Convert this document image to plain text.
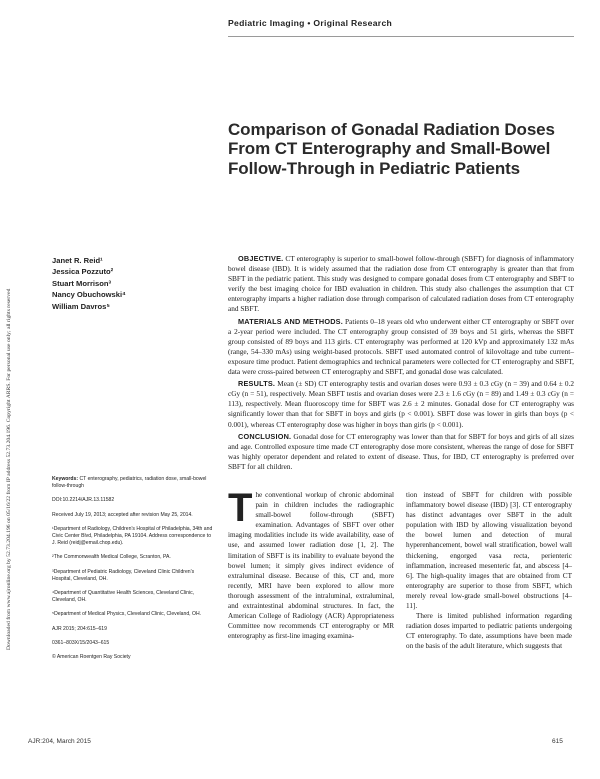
Pediatric Imaging • Original Research
Downloaded from www.ajronline.org by 52.73.204.196 on 05/16/22 from IP address 52.73.204.196. Copyright ARRS. For personal use only; all rights reserved
Comparison of Gonadal Radiation Doses From CT Enterography and Small-Bowel Follow-Through in Pediatric Patients
Janet R. Reid¹
Jessica Pozzuto²
Stuart Morrison³
Nancy Obuchowski⁴
William Davros⁵

OBJECTIVE. CT enterography is superior to small-bowel follow-through (SBFT) for diagnosis of inflammatory bowel disease (IBD). It is widely assumed that the radiation dose from CT enterography is greater than that from SBFT in the pediatric patient. This study was designed to compare gonadal doses from CT enterography and SBFT to verify the best imaging choice for IBD evaluation in children. This study also challenges the assumption that CT enterography imparts a higher radiation dose through comparison of calculated radiation doses from CT enterography and SBFT.

MATERIALS AND METHODS. Patients 0–18 years old who underwent either CT enterography or SBFT over a 2-year period were included. The CT enterography group consisted of 39 boys and 51 girls, whereas the SBFT group consisted of 89 boys and 113 girls. CT enterography was performed at 120 kVp and approximately 132 mAs (range, 54–330 mAs) using weight-based protocols. SBFT used automated control of kilovoltage and tube current–exposure time product. Patient demographics and technical parameters were collected for CT enterography and SBFT, data were cross-paired between CT enterography and SBFT, and gonadal dose was calculated.

RESULTS. Mean (± SD) CT enterography testis and ovarian doses were 0.93 ± 0.3 cGy (n = 39) and 0.64 ± 0.2 cGy (n = 51), respectively. Mean SBFT testis and ovarian doses were 2.3 ± 1.6 cGy (n = 89) and 1.49 ± 0.3 cGy (n = 113), respectively. Mean fluoroscopy time for SBFT was 2.6 ± 2 minutes. Gonadal dose for CT enterography was significantly lower than that for SBFT in boys and girls (p < 0.001). SBFT dose was lower in girls than boys (p < 0.001), whereas CT enterography dose was higher in boys than girls (p < 0.001).

CONCLUSION. Gonadal dose for CT enterography was lower than that for SBFT for boys and girls of all sizes and age. Controlled exposure time made CT enterography dose more consistent, whereas the range of dose for SBFT was highly operator dependent and related to extent of disease. Thus, for IBD, CT enterography is preferred over SBFT for all children.

Keywords: CT enterography, pediatrics, radiation dose, small-bowel follow-through

DOI:10.2214/AJR.13.11582

Received July 19, 2013; accepted after revision May 25, 2014.

¹Department of Radiology, Children's Hospital of Philadelphia, 34th and Civic Center Blvd, Philadelphia, PA 19104. Address correspondence to J. Reid (reidj@email.chop.edu).

²The Commonwealth Medical College, Scranton, PA.

³Department of Pediatric Radiology, Cleveland Clinic Children's Hospital, Cleveland, OH.

⁴Department of Quantitative Health Sciences, Cleveland Clinic, Cleveland, OH.

⁵Department of Medical Physics, Cleveland Clinic, Cleveland, OH.

AJR 2015; 204:615–619

0361–803X/15/2043–615

© American Roentgen Ray Society

The conventional workup of chronic abdominal pain in children includes the radiographic small-bowel follow-through (SBFT) examination. Advantages of SBFT over other imaging modalities include its wide availability, ease of use, and assumed lower radiation dose [1, 2]. The limitation of SBFT is its inability to evaluate beyond the bowel lumen; it simply gives indirect evidence of extraluminal disease. Because of this, CT and, more recently, MRI have been explored to allow more thorough assessment of the intraluminal, extraluminal, and extraintestinal abdominal structures. In fact, the American College of Radiology (ACR) Appropriateness Committee now recommends CT enterography or MR enterography as first-line imaging examina-

tion instead of SBFT for children with possible inflammatory bowel disease (IBD) [3]. CT enterography has distinct advantages over SBFT in the adult population with IBD by allowing visualization beyond the bowel lumen and detection of mural hyperenhancement, bowel wall stratification, bowel wall thickening, engorged vasa recta, perienteric inflammation, increased mesenteric fat, and abscess [4–6]. The high-quality images that are obtained from CT enterography are superior to those from SBFT, which merely reveal low-grade small-bowel obstructions [4–11].

There is limited published information regarding radiation doses imparted to pediatric patients undergoing CT enterography. To date, assumptions have been made on the basis of the adult literature, which suggests that

AJR:204, March 2015	615
